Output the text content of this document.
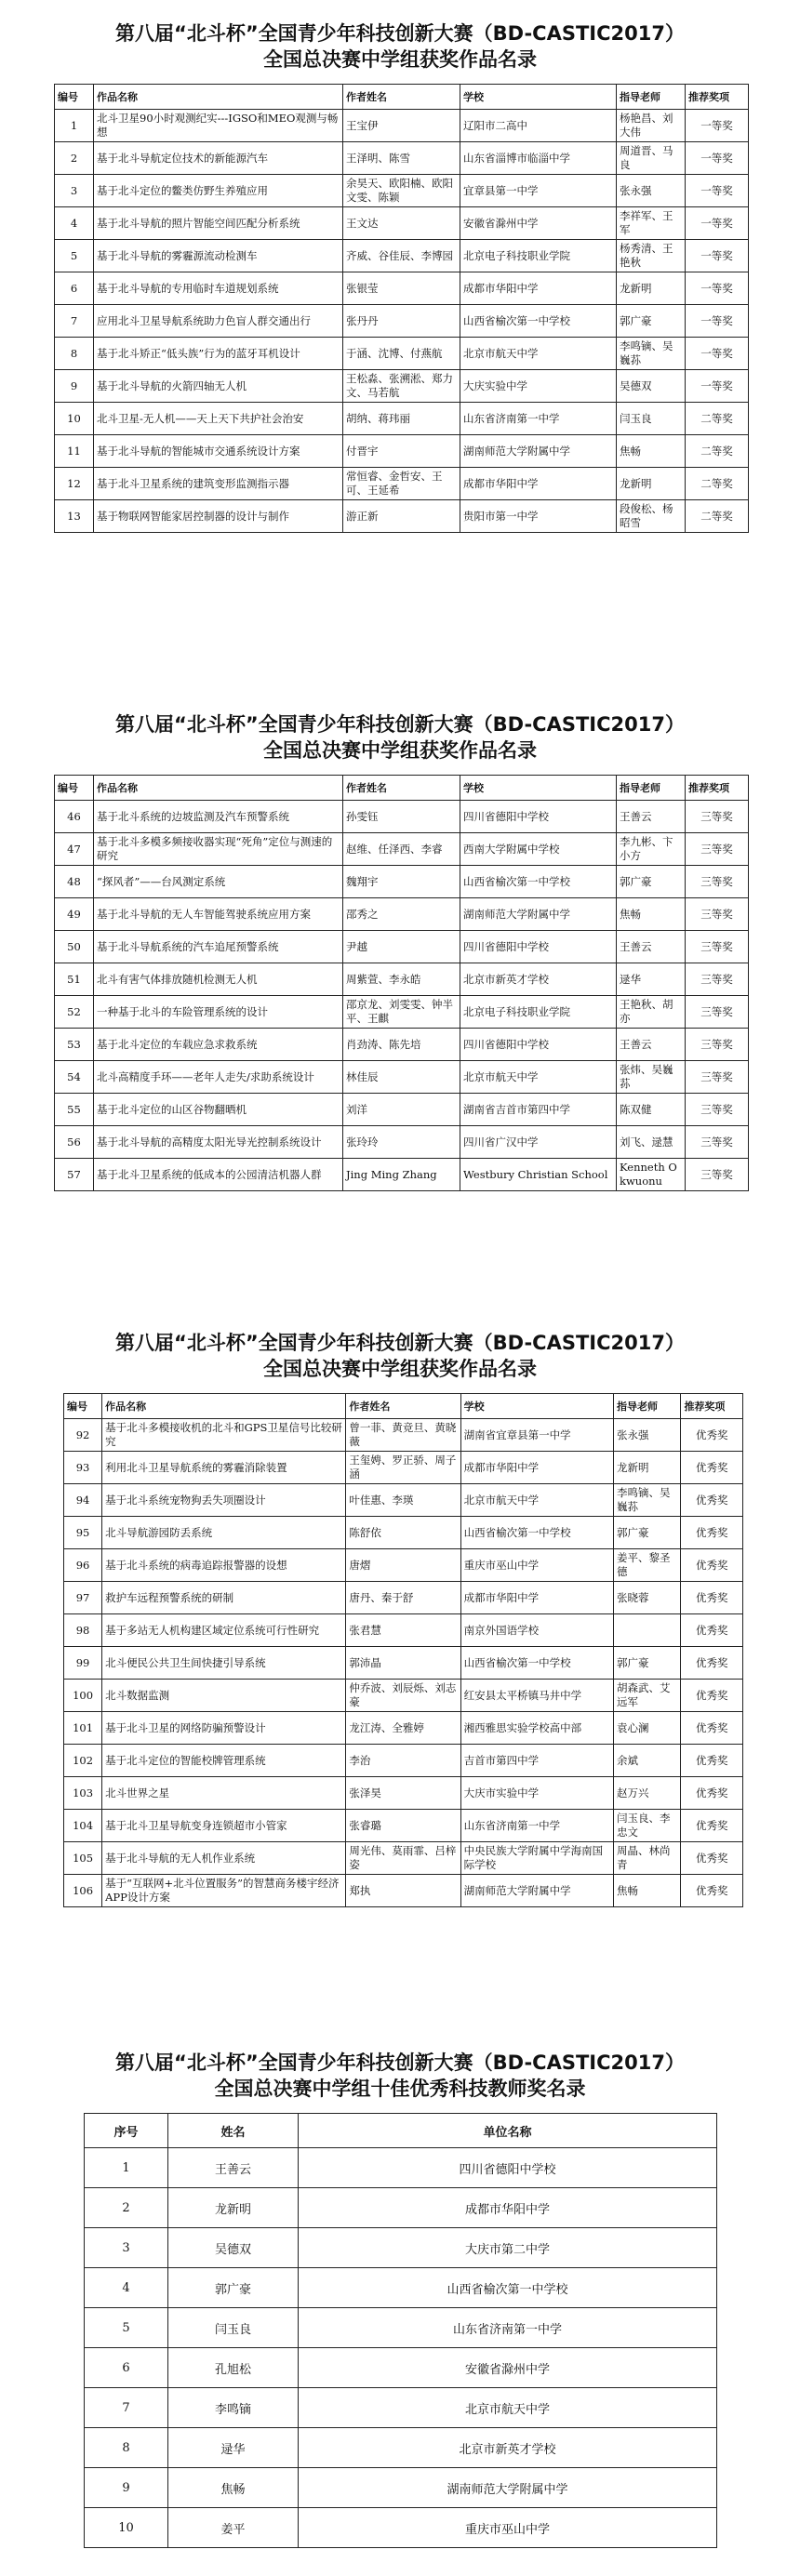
第八届“北斗杯”全国青少年科技创新大赛（BD-CASTIC2017）
全国总决赛中学组获奖作品名录
编号	作品名称	作者姓名	学校	指导老师	推荐奖项
1	北斗卫星90小时观测纪实---IGSO和MEO观测与畅想	王宝伊	辽阳市二高中	杨艳昌、刘大伟	一等奖
2	基于北斗导航定位技术的新能源汽车	王泽明、陈雪	山东省淄博市临淄中学	周道晋、马良	一等奖
3	基于北斗定位的鳖类仿野生养殖应用	余昊天、欧阳楠、欧阳文雯、陈颖	宜章县第一中学	张永强	一等奖
4	基于北斗导航的照片智能空间匹配分析系统	王文达	安徽省滁州中学	李祥军、王军	一等奖
5	基于北斗导航的雾霾源流动检测车	齐威、谷佳辰、李博园	北京电子科技职业学院	杨秀清、王艳秋	一等奖
6	基于北斗导航的专用临时车道规划系统	张银莹	成都市华阳中学	龙新明	一等奖
7	应用北斗卫星导航系统助力色盲人群交通出行	张丹丹	山西省榆次第一中学校	郭广豪	一等奖
8	基于北斗矫正“低头族”行为的蓝牙耳机设计	于涵、沈博、付燕航	北京市航天中学	李鸣镝、吴巍荪	一等奖
9	基于北斗导航的火箭四轴无人机	王松淼、张溯淞、郑力文、马若航	大庆实验中学	吴德双	一等奖
10	北斗卫星-无人机——天上天下共护社会治安	胡纳、蒋玮丽	山东省济南第一中学	闫玉良	二等奖
11	基于北斗导航的智能城市交通系统设计方案	付晋宇	湖南师范大学附属中学	焦畅	二等奖
12	基于北斗卫星系统的建筑变形监测指示器	常恒睿、金哲安、王可、王延希	成都市华阳中学	龙新明	二等奖
13	基于物联网智能家居控制器的设计与制作	游正新	贵阳市第一中学	段俊松、杨昭雪	二等奖
第八届“北斗杯”全国青少年科技创新大赛（BD-CASTIC2017）
全国总决赛中学组获奖作品名录
编号	作品名称	作者姓名	学校	指导老师	推荐奖项
46	基于北斗系统的边坡监测及汽车预警系统	孙雯钰	四川省德阳中学校	王善云	三等奖
47	基于北斗多模多频接收器实现“死角”定位与测速的研究	赵维、任泽西、李睿	西南大学附属中学校	李九彬、卞小方	三等奖
48	“探风者”——台风测定系统	魏翔宇	山西省榆次第一中学校	郭广豪	三等奖
49	基于北斗导航的无人车智能驾驶系统应用方案	邵秀之	湖南师范大学附属中学	焦畅	三等奖
50	基于北斗导航系统的汽车追尾预警系统	尹越	四川省德阳中学校	王善云	三等奖
51	北斗有害气体排放随机检测无人机	周紫萱、李永皓	北京市新英才学校	逯华	三等奖
52	一种基于北斗的车险管理系统的设计	邵京龙、刘雯雯、钟半平、王麒	北京电子科技职业学院	王艳秋、胡亦	三等奖
53	基于北斗定位的车载应急求救系统	肖劲涛、陈先培	四川省德阳中学校	王善云	三等奖
54	北斗高精度手环——老年人走失/求助系统设计	林佳辰	北京市航天中学	张炜、吴巍荪	三等奖
55	基于北斗定位的山区谷物翻晒机	刘洋	湖南省吉首市第四中学	陈双健	三等奖
56	基于北斗导航的高精度太阳光导光控制系统设计	张玲玲	四川省广汉中学	刘飞、逯慧	三等奖
57	基于北斗卫星系统的低成本的公园清洁机器人群	Jing Ming Zhang	Westbury Christian School	Kenneth Okwuonu	三等奖
第八届“北斗杯”全国青少年科技创新大赛（BD-CASTIC2017）
全国总决赛中学组获奖作品名录
编号	作品名称	作者姓名	学校	指导老师	推荐奖项
92	基于北斗多模接收机的北斗和GPS卫星信号比较研究	曾一菲、黄竞旦、黄晓薇	湖南省宜章县第一中学	张永强	优秀奖
93	利用北斗卫星导航系统的雾霾消除装置	王玺娉、罗正骄、周子涵	成都市华阳中学	龙新明	优秀奖
94	基于北斗系统宠物狗丢失项圈设计	叶佳惠、李瑛	北京市航天中学	李鸣镝、吴巍荪	优秀奖
95	北斗导航游园防丢系统	陈舒依	山西省榆次第一中学校	郭广豪	优秀奖
96	基于北斗系统的病毒追踪报警器的设想	唐熠	重庆市巫山中学	姜平、黎圣德	优秀奖
97	救护车远程预警系统的研制	唐丹、秦于舒	成都市华阳中学	张晓蓉	优秀奖
98	基于多站无人机构建区域定位系统可行性研究	张君慧	南京外国语学校		优秀奖
99	北斗便民公共卫生间快捷引导系统	郭沛晶	山西省榆次第一中学校	郭广豪	优秀奖
100	北斗数据监测	仲乔波、刘辰烁、刘志豪	红安县太平桥镇马井中学	胡森武、艾远军	优秀奖
101	基于北斗卫星的网络防骗预警设计	龙江涛、全雅婷	湘西雅思实验学校高中部	袁心澜	优秀奖
102	基于北斗定位的智能校牌管理系统	李治	吉首市第四中学	余斌	优秀奖
103	北斗世界之星	张泽昊	大庆市实验中学	赵万兴	优秀奖
104	基于北斗卫星导航变身连锁超市小管家	张睿璐	山东省济南第一中学	闫玉良、李忠文	优秀奖
105	基于北斗导航的无人机作业系统	周光伟、莫雨霏、吕梓姿	中央民族大学附属中学海南国际学校	周晶、林尚青	优秀奖
106	基于“互联网+北斗位置服务”的智慧商务楼宇经济APP设计方案	郑执	湖南师范大学附属中学	焦畅	优秀奖
第八届“北斗杯”全国青少年科技创新大赛（BD-CASTIC2017）
全国总决赛中学组十佳优秀科技教师奖名录
序号	姓名	单位名称
1	王善云	四川省德阳中学校
2	龙新明	成都市华阳中学
3	吴德双	大庆市第二中学
4	郭广豪	山西省榆次第一中学校
5	闫玉良	山东省济南第一中学
6	孔旭松	安徽省滁州中学
7	李鸣镝	北京市航天中学
8	逯华	北京市新英才学校
9	焦畅	湖南师范大学附属中学
10	姜平	重庆市巫山中学
